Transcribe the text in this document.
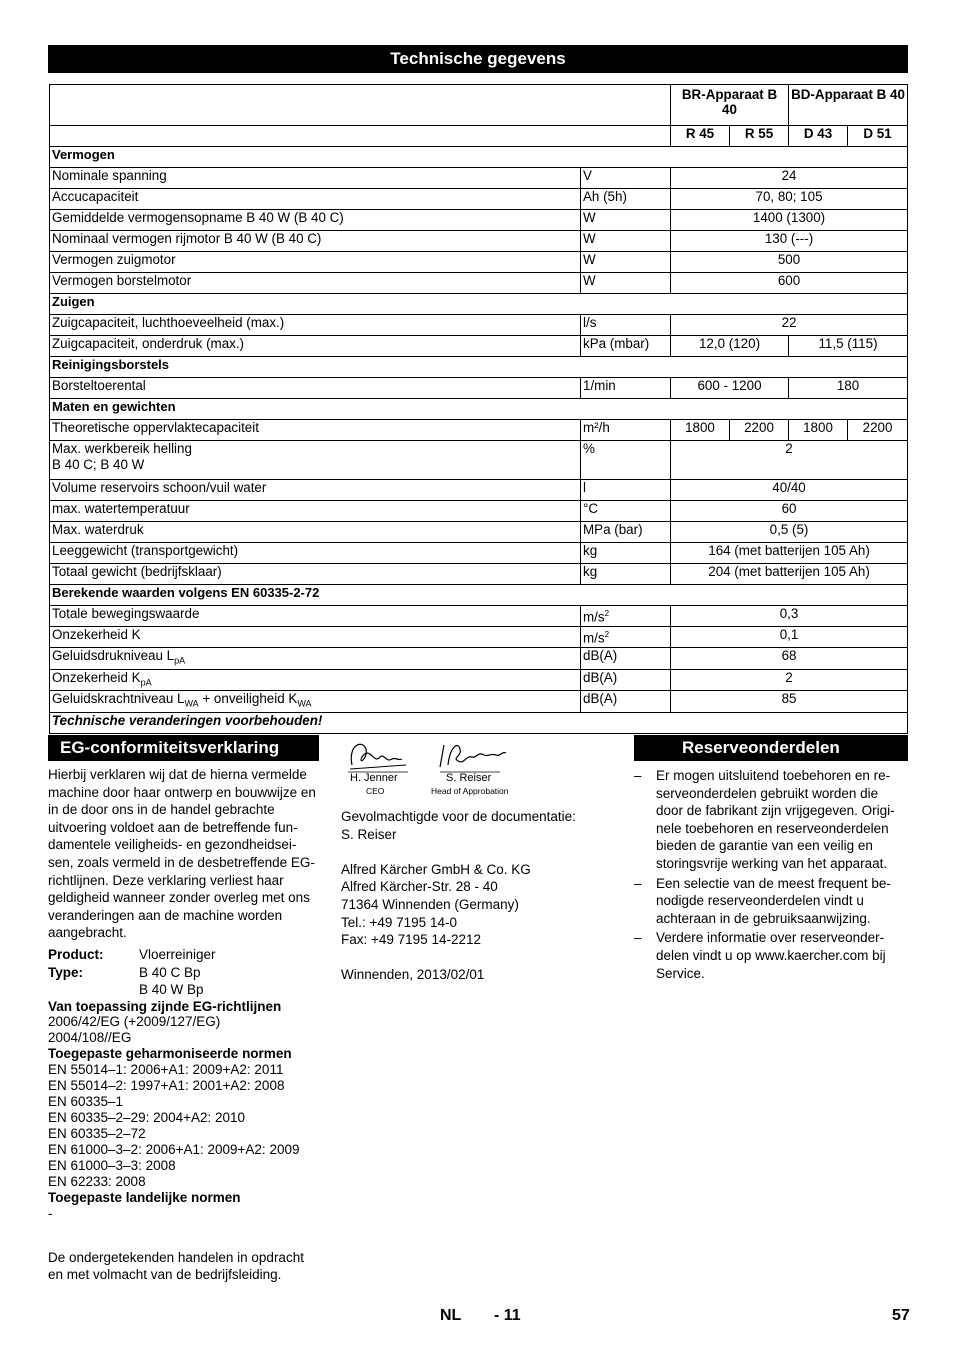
Technische gegevens
		BR-Apparaat B 40		BD-Apparaat B 40	
		R 45	R 55	D 43	D 51
Vermogen					
Nominale spanning	V	24			
Accucapaciteit	Ah (5h)	70, 80; 105			
Gemiddelde vermogensopname B 40 W (B 40 C)	W	1400 (1300)			
Nominaal vermogen rijmotor B 40 W (B 40 C)	W	130 (---)			
Vermogen zuigmotor	W	500			
Vermogen borstelmotor	W	600			
Zuigen					
Zuigcapaciteit, luchthoeveelheid (max.)	l/s	22			
Zuigcapaciteit, onderdruk (max.)	kPa (mbar)	12,0 (120)		11,5 (115)	
Reinigingsborstels					
Borsteltoerental	1/min	600 - 1200		180	
Maten en gewichten					
Theoretische oppervlaktecapaciteit	m²/h	1800	2200	1800	2200
Max. werkbereik helling
B 40 C; B 40 W	%	2			
Volume reservoirs schoon/vuil water	l	40/40			
max. watertemperatuur	°C	60			
Max. waterdruk	MPa (bar)	0,5 (5)			
Leeggewicht (transportgewicht)	kg	164 (met batterijen 105 Ah)			
Totaal gewicht (bedrijfsklaar)	kg	204 (met batterijen 105 Ah)			
Berekende waarden volgens EN 60335-2-72					
Totale bewegingswaarde	$m/s^2$	0,3			
Onzekerheid K	$m/s^2$	0,1			
Geluidsdrukniveau $L_{pA}$	dB(A)	68			
Onzekerheid $K_{pA}$	dB(A)	2			
Geluidskrachtniveau $L_{WA}$ + onveiligheid $K_{WA}$	dB(A)	85			
Technische veranderingen voorbehouden!					
EG-conformiteitsverklaring

Hierbij verklaren wij dat de hierna vermelde machine door haar ontwerp en bouwwijze en in de door ons in de handel gebrachte uitvoering voldoet aan de betreffende fun-damentele veiligheids- en gezondheidsei-sen, zoals vermeld in de desbetreffende EG-richtlijnen. Deze verklaring verliest haar geldigheid wanneer zonder overleg met ons veranderingen aan de machine worden aangebracht.

Product:	Vloerreiniger
Type:	B 40 C Bp
B 40 W Bp
Van toepassing zijnde EG-richtlijnen
2006/42/EG (+2009/127/EG)
2004/108//EG
Toegepaste geharmoniseerde normen
EN 55014–1: 2006+A1: 2009+A2: 2011
EN 55014–2: 1997+A1: 2001+A2: 2008
EN 60335–1
EN 60335–2–29: 2004+A2: 2010
EN 60335–2–72
EN 61000–3–2: 2006+A1: 2009+A2: 2009
EN 61000–3–3: 2008
EN 62233: 2008
Toegepaste landelijke normen
-

De ondergetekenden handelen in opdracht en met volmacht van de bedrijfsleiding.

H. Jenner	S. Reiser
CEO	Head of Approbation

Gevolmachtigde voor de documentatie:
S. Reiser

Alfred Kärcher GmbH & Co. KG
Alfred Kärcher-Str. 28 - 40
71364 Winnenden (Germany)
Tel.: +49 7195 14-0
Fax: +49 7195 14-2212

Winnenden, 2013/02/01

Reserveonderdelen
– Er mogen uitsluitend toebehoren en re-serveonderdelen gebruikt worden die door de fabrikant zijn vrijgegeven. Origi-nele toebehoren en reserveonderdelen bieden de garantie van een veilig en storingsvrije werking van het apparaat.
– Een selectie van de meest frequent be-nodigde reserveonderdelen vindt u achteraan in de gebruiksaanwijzing.
– Verdere informatie over reserveonder-delen vindt u op www.kaercher.com bij Service.
NL - 11	57
